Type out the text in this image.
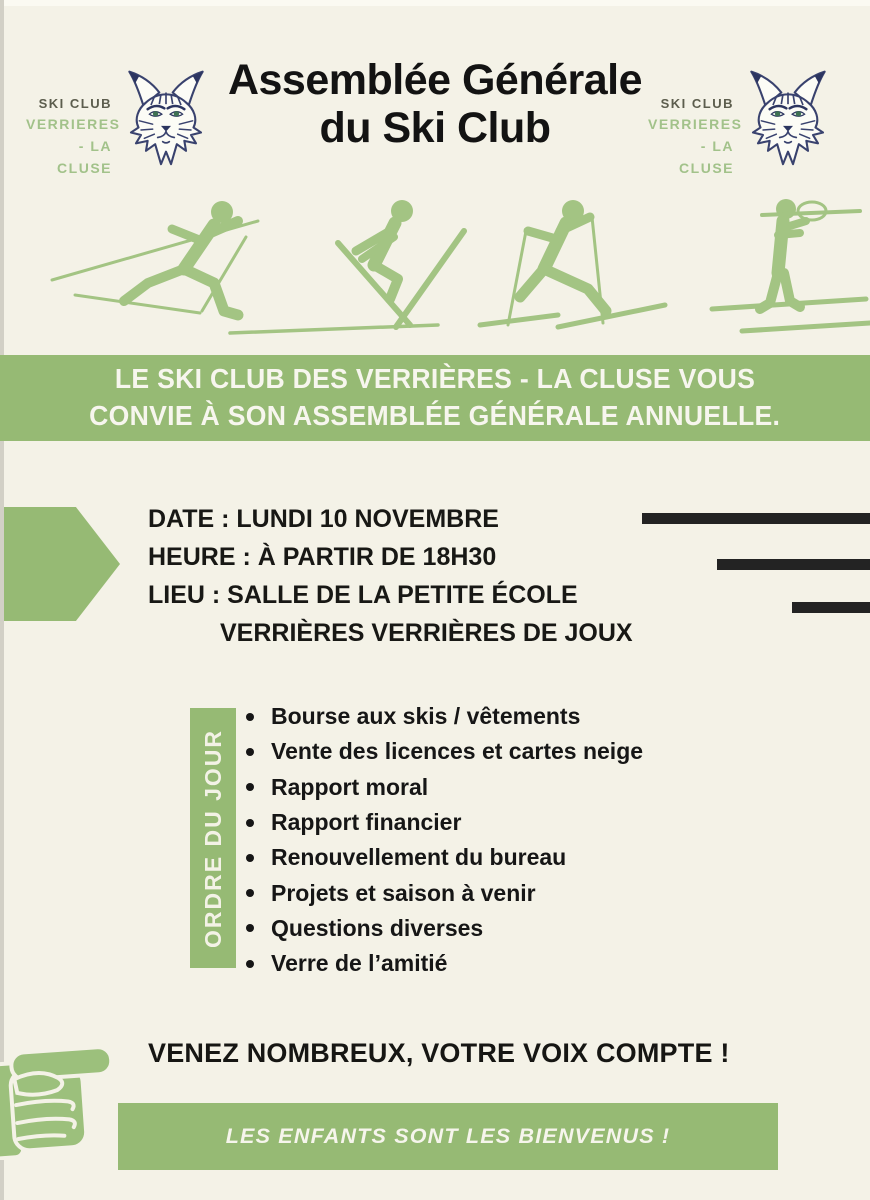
SKI CLUB
VERRIERES
- LA CLUSE
Assemblée Générale
du Ski Club
SKI CLUB
VERRIERES
- LA CLUSE
LE SKI CLUB DES VERRIÈRES - LA CLUSE VOUS
CONVIE À SON ASSEMBLÉE GÉNÉRALE ANNUELLE.
DATE : LUNDI 10 NOVEMBRE
HEURE : À PARTIR DE 18H30
LIEU : SALLE DE LA PETITE ÉCOLE
VERRIÈRES VERRIÈRES DE JOUX
ORDRE DU JOUR
Bourse aux skis / vêtements
Vente des licences et cartes neige
Rapport moral
Rapport financier
Renouvellement du bureau
Projets et saison à venir
Questions diverses
Verre de l’amitié
VENEZ NOMBREUX, VOTRE VOIX COMPTE !
LES ENFANTS SONT LES BIENVENUS !
